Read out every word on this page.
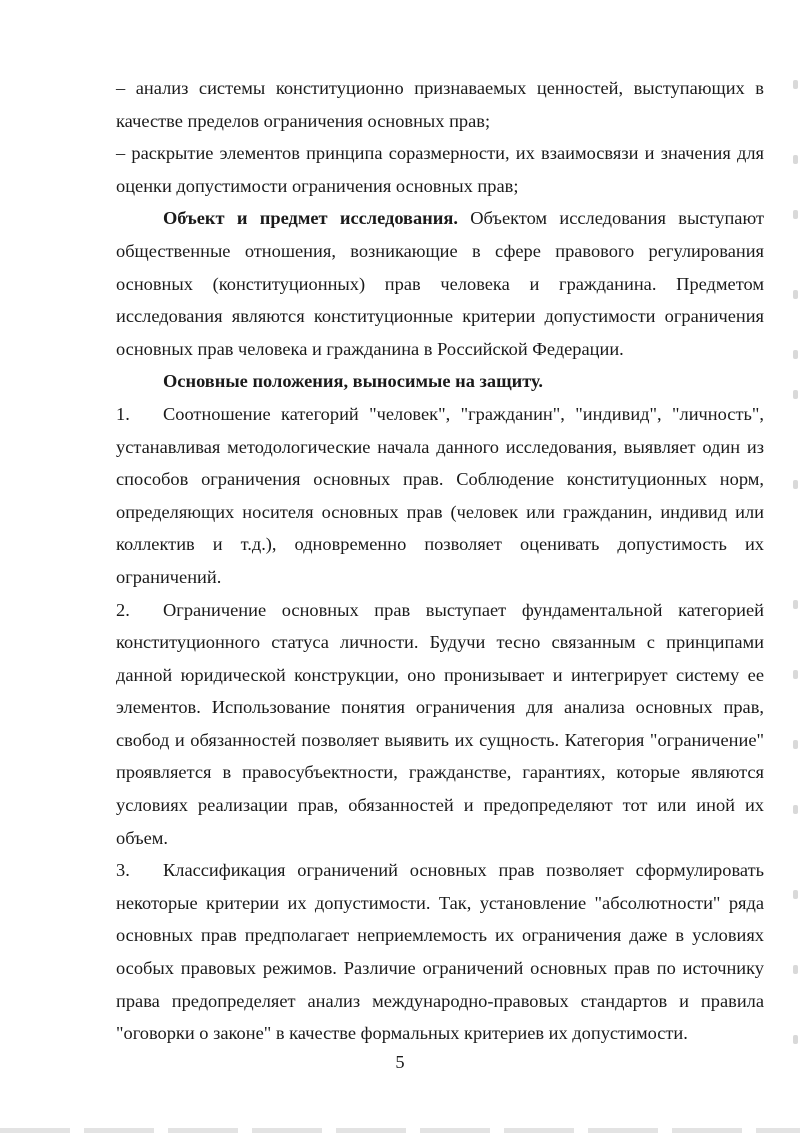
– анализ системы конституционно признаваемых ценностей, выступающих в качестве пределов ограничения основных прав;

– раскрытие элементов принципа соразмерности, их взаимосвязи и значения для оценки допустимости ограничения основных прав;

Объект и предмет исследования. Объектом исследования выступают общественные отношения, возникающие в сфере правового регулирования основных (конституционных) прав человека и гражданина. Предметом исследования являются конституционные критерии допустимости ограничения основных прав человека и гражданина в Российской Федерации.

Основные положения, выносимые на защиту.

1. Соотношение категорий "человек", "гражданин", "индивид", "личность", устанавливая методологические начала данного исследования, выявляет один из способов ограничения основных прав. Соблюдение конституционных норм, определяющих носителя основных прав (человек или гражданин, индивид или коллектив и т.д.), одновременно позволяет оценивать допустимость их ограничений.

2. Ограничение основных прав выступает фундаментальной категорией конституционного статуса личности. Будучи тесно связанным с принципами данной юридической конструкции, оно пронизывает и интегрирует систему ее элементов. Использование понятия ограничения для анализа основных прав, свобод и обязанностей позволяет выявить их сущность. Категория "ограничение" проявляется в правосубъектности, гражданстве, гарантиях, которые являются условиях реализации прав, обязанностей и предопределяют тот или иной их объем.

3. Классификация ограничений основных прав позволяет сформулировать некоторые критерии их допустимости. Так, установление "абсолютности" ряда основных прав предполагает неприемлемость их ограничения даже в условиях особых правовых режимов. Различие ограничений основных прав по источнику права предопределяет анализ международно-правовых стандартов и правила "оговорки о законе" в качестве формальных критериев их допустимости.

5
